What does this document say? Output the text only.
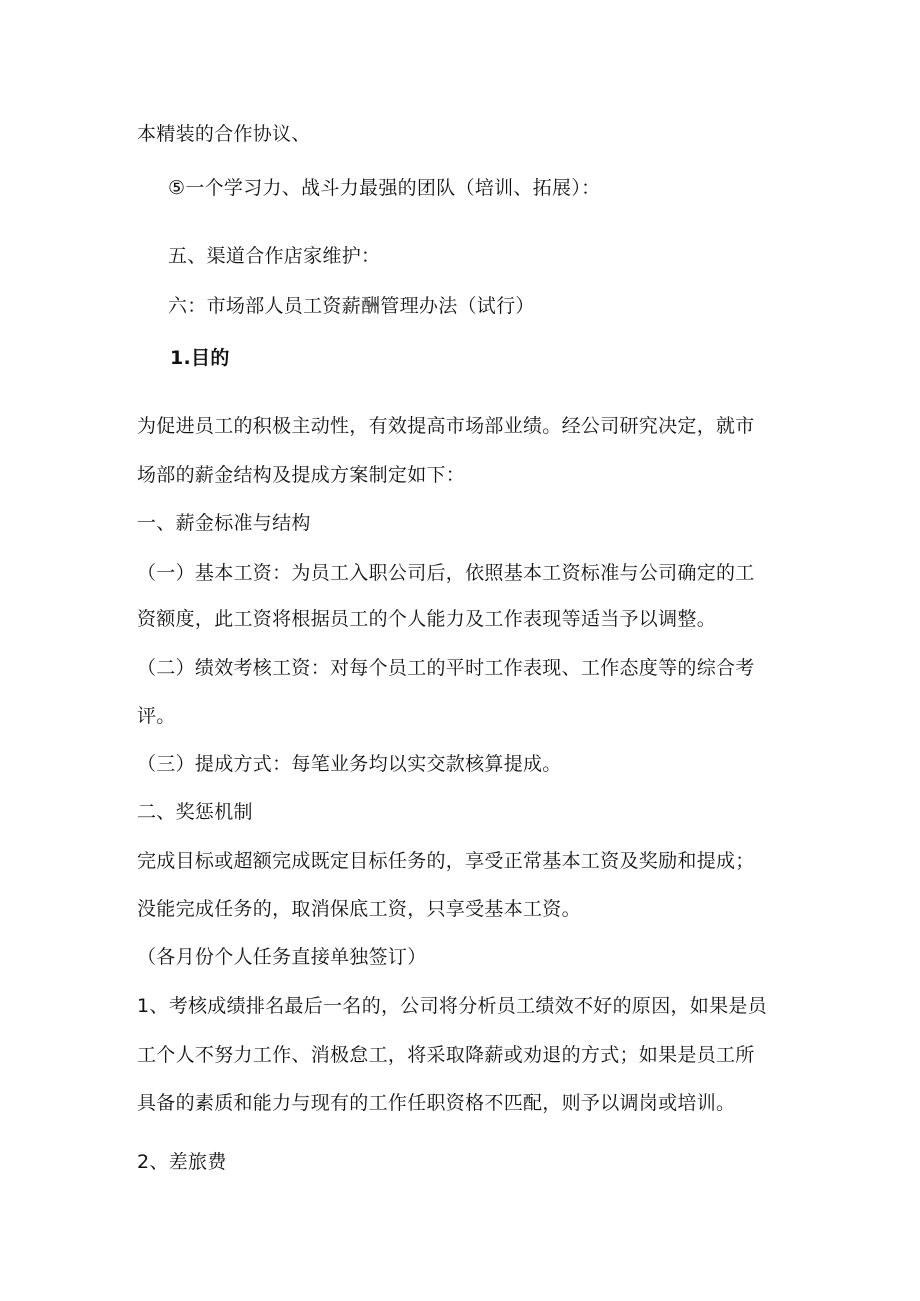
本精装的合作协议、

⑤一个学习力、战斗力最强的团队（培训、拓展）：

五、渠道合作店家维护：

六：市场部人员工资薪酬管理办法（试行）

1.目的

为促进员工的积极主动性，有效提高市场部业绩。经公司研究决定，就市

场部的薪金结构及提成方案制定如下：

一、薪金标准与结构

（一）基本工资：为员工入职公司后，依照基本工资标准与公司确定的工

资额度，此工资将根据员工的个人能力及工作表现等适当予以调整。

（二）绩效考核工资：对每个员工的平时工作表现、工作态度等的综合考

评。

（三）提成方式：每笔业务均以实交款核算提成。

二、奖惩机制

完成目标或超额完成既定目标任务的，享受正常基本工资及奖励和提成；

没能完成任务的，取消保底工资，只享受基本工资。

（各月份个人任务直接单独签订）

1、考核成绩排名最后一名的，公司将分析员工绩效不好的原因，如果是员

工个人不努力工作、消极怠工，将采取降薪或劝退的方式；如果是员工所

具备的素质和能力与现有的工作任职资格不匹配，则予以调岗或培训。

2、差旅费
